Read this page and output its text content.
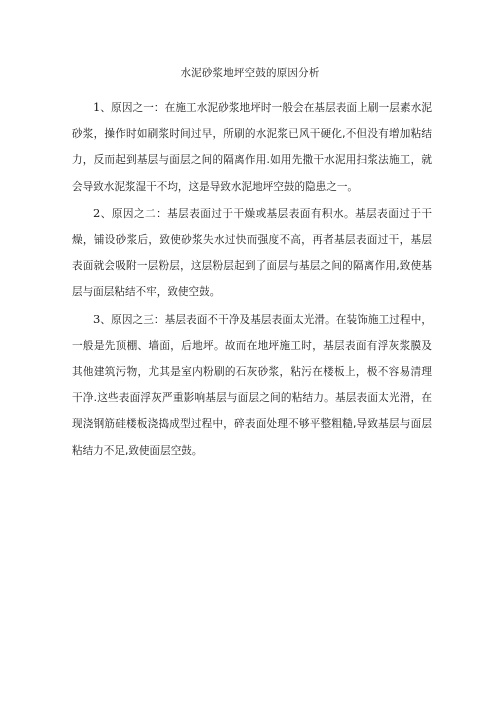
水泥砂浆地坪空鼓的原因分析

1、原因之一：在施工水泥砂浆地坪时一般会在基层表面上刷一层素水泥砂浆，操作时如刷浆时间过早，所刷的水泥浆已风干硬化,不但没有增加粘结力，反而起到基层与面层之间的隔离作用.如用先撒干水泥用扫浆法施工，就会导致水泥浆湿干不均，这是导致水泥地坪空鼓的隐患之一。

2、原因之二：基层表面过于干燥或基层表面有积水。基层表面过于干燥，铺设砂浆后，致使砂浆失水过快而强度不高，再者基层表面过干，基层表面就会吸附一层粉层，这层粉层起到了面层与基层之间的隔离作用,致使基层与面层粘结不牢，致使空鼓。

3、原因之三：基层表面不干净及基层表面太光滑。在装饰施工过程中，一般是先顶棚、墙面，后地坪。故而在地坪施工时，基层表面有浮灰浆膜及其他建筑污物，尤其是室内粉刷的石灰砂浆，粘污在楼板上，极不容易清理干净.这些表面浮灰严重影响基层与面层之间的粘结力。基层表面太光滑，在现浇钢筋硅楼板浇捣成型过程中，碎表面处理不够平整粗糙,导致基层与面层粘结力不足,致使面层空鼓。
